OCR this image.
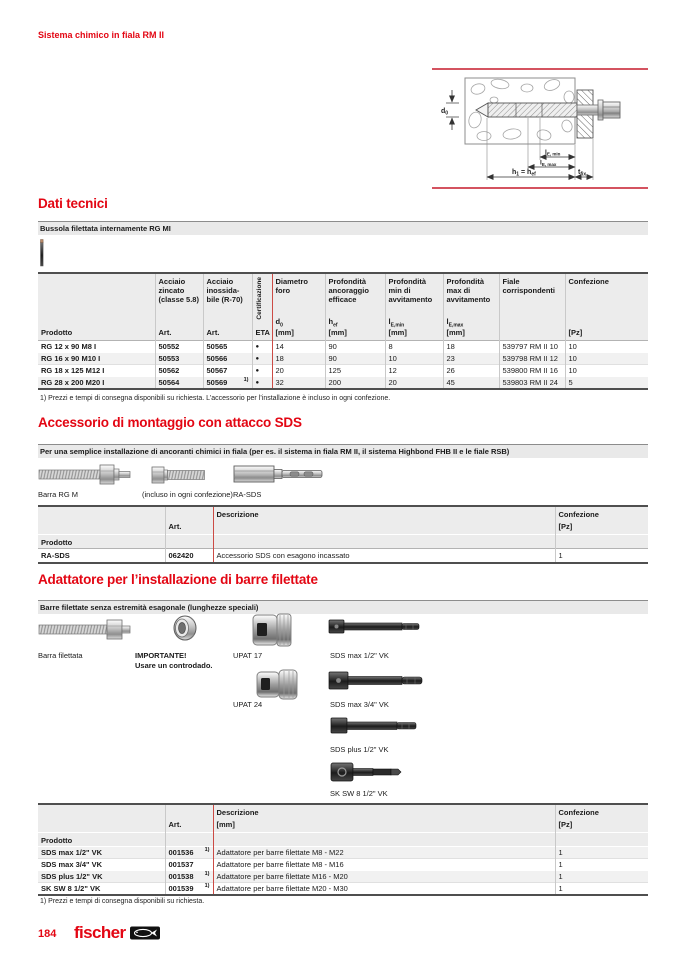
Sistema chimico in fiala RM II
$d_0$
$l_{E, min}$
$l_{E, max}$
$h_1 = h_{ef}$	$t_{fix}$
Dati tecnici
Bussola filettata internamente RG MI
Prodotto	Acciaio zincato (classe 5.8)
Art.	Acciaio inossida-bile (R-70)
Art.	Certificazione
ETA	Diametro foro
$d_0$
[mm]	Profondità ancoraggio efficace
$h_{ef}$
[mm]	Profondità min di avvitamento
$l_{E,min}$
[mm]	Profondità max di avvitamento
$l_{E,max}$
[mm]	Fiale corrispondenti	Confezione
[Pz]

RG 12 x 90 M8 I	50552	50565	●	14	90	8	18	539797 RM II 10	10
RG 16 x 90 M10 I	50553	50566	●	18	90	10	23	539798 RM II 12	10
RG 18 x 125 M12 I	50562	50567	●	20	125	12	26	539800 RM II 16	10
RG 28 x 200 M20 I	50564	50569 1)	●	32	200	20	45	539803 RM II 24	5
1) Prezzi e tempi di consegna disponibili su richiesta. L’accessorio per l’installazione è incluso in ogni confezione.
Accessorio di montaggio con attacco SDS
Per una semplice installazione di ancoranti chimici in fiala (per es. il sistema in fiala RM II, il sistema Highbond FHB II e le fiale RSB)
Barra RG M	(incluso in ogni confezione) RA-SDS

Art.	Descrizione	Confezione
[Pz]

Prodotto			
RA-SDS	062420	Accessorio SDS con esagono incassato	1
Adattatore per l’installazione di barre filettate
Barre filettate senza estremità esagonale (lunghezze speciali)
Barra filettata	IMPORTANTE!
Usare un controdado.
UPAT 17	SDS max 1/2" VK
UPAT 24	SDS max 3/4" VK
SDS plus 1/2" VK
SK SW 8 1/2" VK

Art.	Descrizione
[mm]	Confezione
[Pz]

Prodotto			
SDS max 1/2" VK	001536 1)	Adattatore per barre filettate M8 - M22	1
SDS max 3/4" VK	001537	Adattatore per barre filettate M8 - M16	1
SDS plus 1/2" VK	001538 1)	Adattatore per barre filettate M16 - M20	1
SK SW 8 1/2" VK	001539 1)	Adattatore per barre filettate M20 - M30	1
1) Prezzi e tempi di consegna disponibili su richiesta.
184 fischer
